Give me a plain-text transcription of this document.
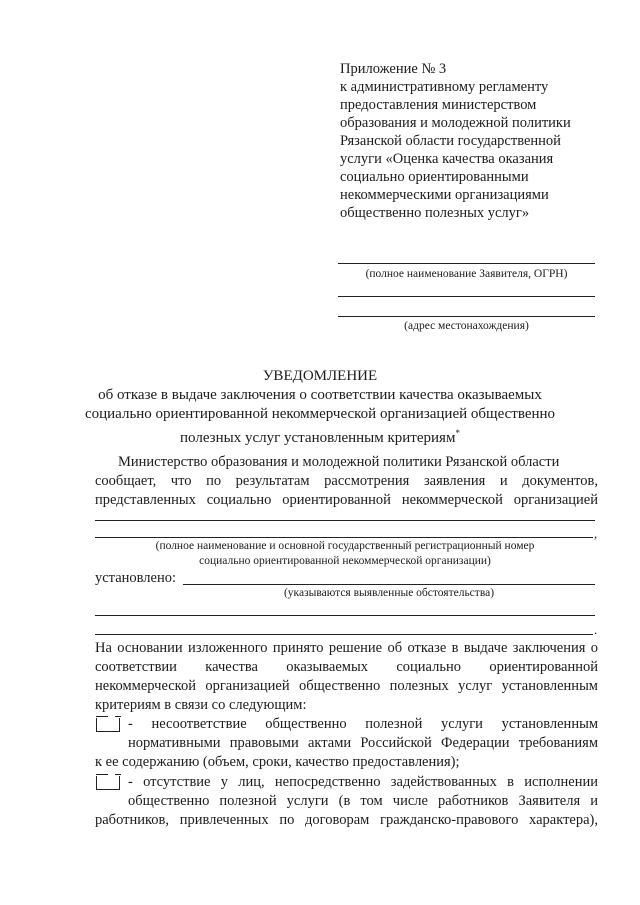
Приложение № 3
к административному регламенту
предоставления министерством
образования и молодежной политики
Рязанской области государственной
услуги «Оценка качества оказания
социально ориентированными
некоммерческими организациями
общественно полезных услуг»
(полное наименование Заявителя, ОГРН)
(адрес местонахождения)
УВЕДОМЛЕНИЕ
об отказе в выдаче заключения о соответствии качества оказываемых
социально ориентированной некоммерческой организацией общественно
полезных услуг установленным критериям*
Министерство образования и молодежной политики Рязанской области
сообщает, что по результатам рассмотрения заявления и документов,
представленных социально ориентированной некоммерческой организацией
,
(полное наименование и основной государственный регистрационный номер
социально ориентированной некоммерческой организации)
установлено:
(указываются выявленные обстоятельства)
.
На основании изложенного принято решение об отказе в выдаче заключения о
соответствии качества оказываемых социально ориентированной
некоммерческой организацией общественно полезных услуг установленным
критериям в связи со следующим:
- несоответствие общественно полезной услуги установленным
нормативными правовыми актами Российской Федерации требованиям
к ее содержанию (объем, сроки, качество предоставления);
- отсутствие у лиц, непосредственно задействованных в исполнении
общественно полезной услуги (в том числе работников Заявителя и
работников, привлеченных по договорам гражданско-правового характера),
